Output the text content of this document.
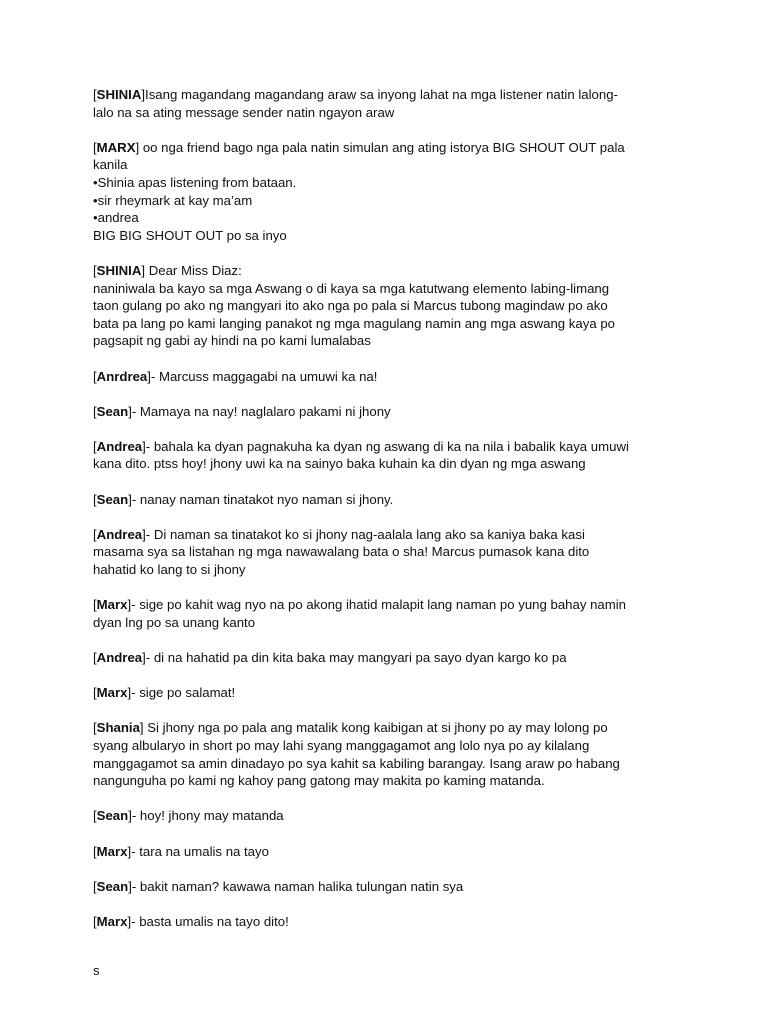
[SHINIA]Isang magandang magandang araw sa inyong lahat na mga listener natin lalong-
lalo na sa ating message sender natin ngayon araw

[MARX] oo nga friend bago nga pala natin simulan ang ating istorya BIG SHOUT OUT pala
kanila
•Shinia apas listening from bataan.
•sir rheymark at kay ma’am
•andrea
BIG BIG SHOUT OUT po sa inyo

[SHINIA] Dear Miss Diaz:
naniniwala ba kayo sa mga Aswang o di kaya sa mga katutwang elemento labing-limang
taon gulang po ako ng mangyari ito ako nga po pala si Marcus tubong magindaw po ako
bata pa lang po kami langing panakot ng mga magulang namin ang mga aswang kaya po
pagsapit ng gabi ay hindi na po kami lumalabas

[Anrdrea]- Marcuss maggagabi na umuwi ka na!

[Sean]- Mamaya na nay! naglalaro pakami ni jhony

[Andrea]- bahala ka dyan pagnakuha ka dyan ng aswang di ka na nila i babalik kaya umuwi
kana dito. ptss hoy! jhony uwi ka na sainyo baka kuhain ka din dyan ng mga aswang

[Sean]- nanay naman tinatakot nyo naman si jhony.

[Andrea]- Di naman sa tinatakot ko si jhony nag-aalala lang ako sa kaniya baka kasi
masama sya sa listahan ng mga nawawalang bata o sha! Marcus pumasok kana dito
hahatid ko lang to si jhony

[Marx]- sige po kahit wag nyo na po akong ihatid malapit lang naman po yung bahay namin
dyan lng po sa unang kanto

[Andrea]- di na hahatid pa din kita baka may mangyari pa sayo dyan kargo ko pa

[Marx]- sige po salamat!

[Shania] Si jhony nga po pala ang matalik kong kaibigan at si jhony po ay may lolong po
syang albularyo in short po may lahi syang manggagamot ang lolo nya po ay kilalang
manggagamot sa amin dinadayo po sya kahit sa kabiling barangay. Isang araw po habang
nangunguha po kami ng kahoy pang gatong may makita po kaming matanda.

[Sean]- hoy! jhony may matanda

[Marx]- tara na umalis na tayo

[Sean]- bakit naman? kawawa naman halika tulungan natin sya

[Marx]- basta umalis na tayo dito!

s
